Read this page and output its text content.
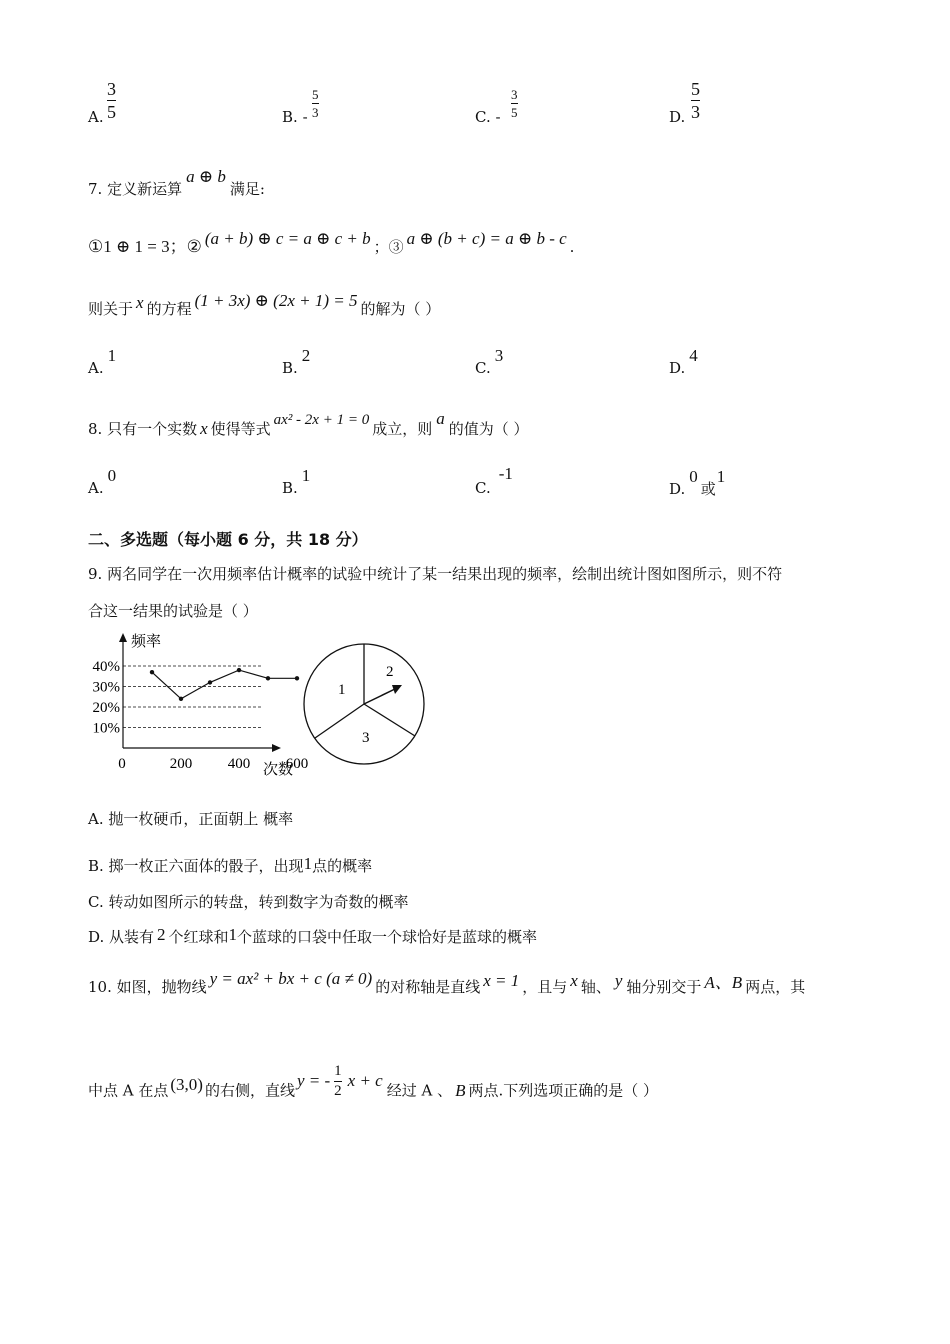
A.
3
5	B. -
5
3	C. -
3
5	D.
5
3
7. 定义新运算a ⊕ b满足:
①1 ⊕ 1 = 3；② (a + b) ⊕ c = a ⊕ c + b ；③ a ⊕ (b + c) = a ⊕ b - c .
则关于 x 的方程 (1 + 3x) ⊕ (2x + 1) = 5 的解为（ ）
A.1
B.2
C.3
D.4
8. 只有一个实数 x 使得等式 ax² - 2x + 1 = 0 成立，则a的值为（ ）
A.0
B.1
C.-1
D.0或1
二、多选题（每小题 6 分，共 18 分）
9. 两名同学在一次用频率估计概率的试验中统计了某一结果出现的频率，绘制出统计图如图所示，则不符
合这一结果的试验是（ ）
10%
20%
30%
40%
0	200 400 600
频率
次数
1
2
3
A. 抛一枚硬币，正面朝上 概率
B. 掷一枚正六面体的骰子，出现1点的概率
C. 转动如图所示的转盘，转到数字为奇数的概率
D. 从装有 2 个红球和1个蓝球的口袋中任取一个球恰好是蓝球的概率
10. 如图，抛物线 y = ax² + bx + c (a ≠ 0) 的对称轴是直线 x = 1 ，且与 x 轴、 y 轴分别交于 A、B 两点，其
中点 A 在点 (3,0) 的右侧，直线y = - $\frac{1}{2}$ x + c经过 A 、 B 两点.下列选项正确的是（ ）
